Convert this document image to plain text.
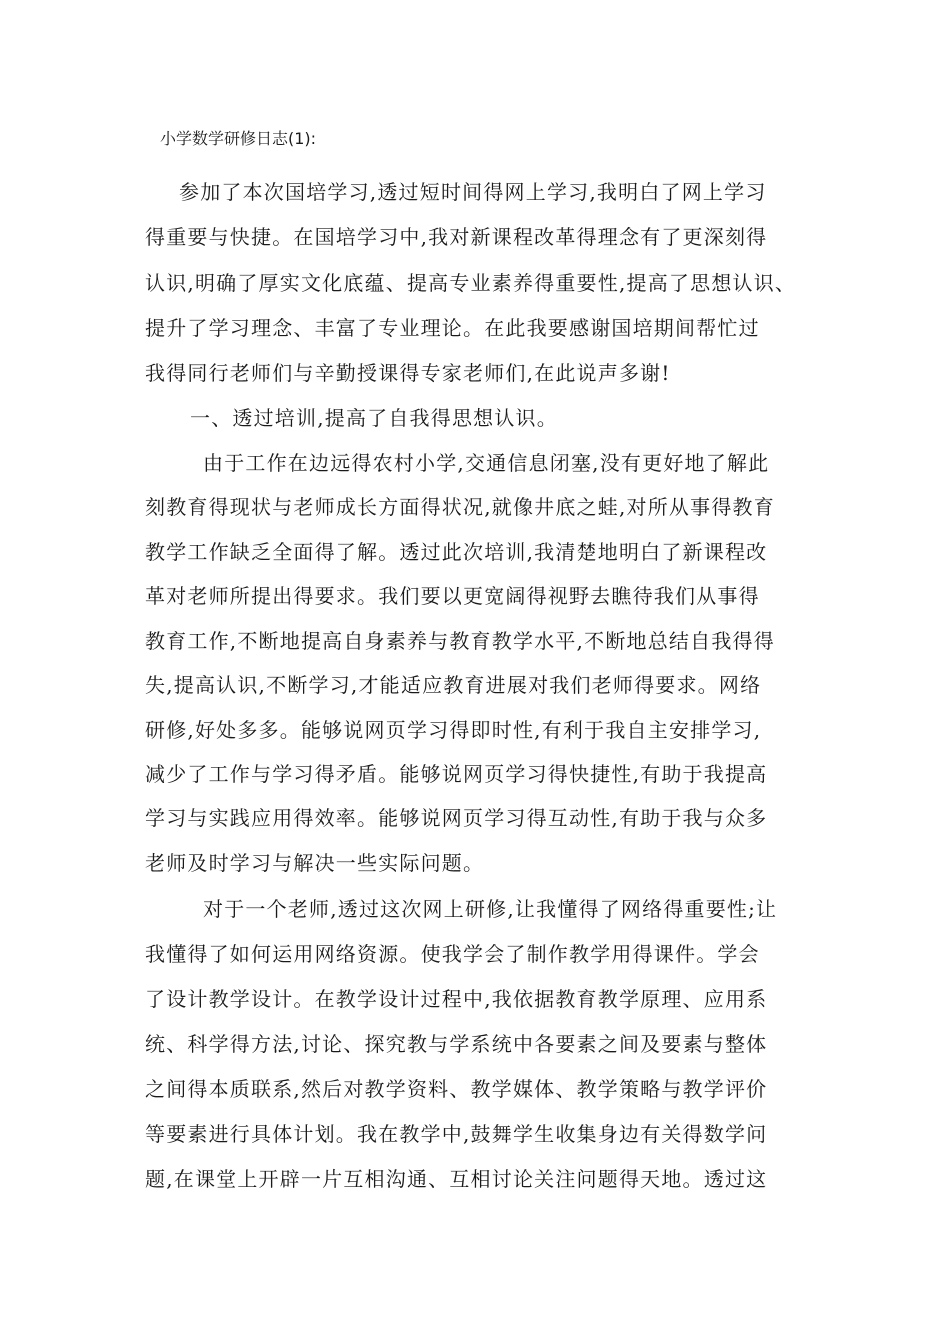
小学数学研修日志(1):
参加了本次国培学习,透过短时间得网上学习,我明白了网上学习
得重要与快捷。在国培学习中,我对新课程改革得理念有了更深刻得
认识,明确了厚实文化底蕴、提高专业素养得重要性,提高了思想认识、
提升了学习理念、丰富了专业理论。在此我要感谢国培期间帮忙过
我得同行老师们与辛勤授课得专家老师们,在此说声多谢!
一、透过培训,提高了自我得思想认识。
由于工作在边远得农村小学,交通信息闭塞,没有更好地了解此
刻教育得现状与老师成长方面得状况,就像井底之蛙,对所从事得教育
教学工作缺乏全面得了解。透过此次培训,我清楚地明白了新课程改
革对老师所提出得要求。我们要以更宽阔得视野去瞧待我们从事得
教育工作,不断地提高自身素养与教育教学水平,不断地总结自我得得
失,提高认识,不断学习,才能适应教育进展对我们老师得要求。网络
研修,好处多多。能够说网页学习得即时性,有利于我自主安排学习,
减少了工作与学习得矛盾。能够说网页学习得快捷性,有助于我提高
学习与实践应用得效率。能够说网页学习得互动性,有助于我与众多
老师及时学习与解决一些实际问题。
对于一个老师,透过这次网上研修,让我懂得了网络得重要性;让
我懂得了如何运用网络资源。使我学会了制作教学用得课件。学会
了设计教学设计。在教学设计过程中,我依据教育教学原理、应用系
统、科学得方法,讨论、探究教与学系统中各要素之间及要素与整体
之间得本质联系,然后对教学资料、教学媒体、教学策略与教学评价
等要素进行具体计划。我在教学中,鼓舞学生收集身边有关得数学问
题,在课堂上开辟一片互相沟通、互相讨论关注问题得天地。透过这
